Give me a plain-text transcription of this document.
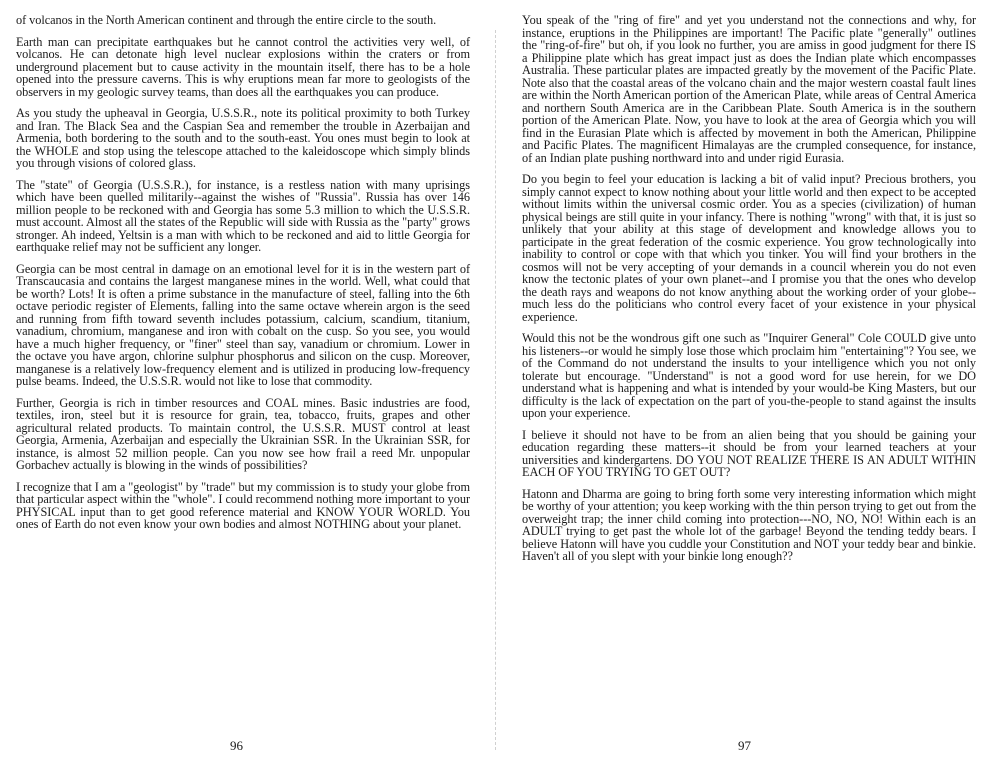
of volcanos in the North American continent and through the entire circle to the south.

Earth man can precipitate earthquakes but he cannot control the activities very well, of volcanos. He can detonate high level nuclear explosions within the craters or from underground placement but to cause activity in the mountain itself, there has to be a hole opened into the pressure caverns. This is why eruptions mean far more to geologists of the observers in my geologic survey teams, than does all the earthquakes you can produce.

As you study the upheaval in Georgia, U.S.S.R., note its political proximity to both Turkey and Iran. The Black Sea and the Caspian Sea and remember the trouble in Azerbaijan and Armenia, both bordering to the south and to the south-east. You ones must begin to look at the WHOLE and stop using the telescope attached to the kaleidoscope which simply blinds you through visions of colored glass.

The "state" of Georgia (U.S.S.R.), for instance, is a restless nation with many uprisings which have been quelled militarily--against the wishes of "Russia". Russia has over 146 million people to be reckoned with and Georgia has some 5.3 million to which the U.S.S.R. must account. Almost all the states of the Republic will side with Russia as the "party" grows stronger. Ah indeed, Yeltsin is a man with which to be reckoned and aid to little Georgia for earthquake relief may not be sufficient any longer.

Georgia can be most central in damage on an emotional level for it is in the western part of Transcaucasia and contains the largest manganese mines in the world. Well, what could that be worth? Lots! It is often a prime substance in the manufacture of steel, falling into the 6th octave periodic register of Elements, falling into the same octave wherein argon is the seed and running from fifth toward seventh includes potassium, calcium, scandium, titanium, vanadium, chromium, manganese and iron with cobalt on the cusp. So you see, you would have a much higher frequency, or "finer" steel than say, vanadium or chromium. Lower in the octave you have argon, chlorine sulphur phosphorus and silicon on the cusp. Moreover, manganese is a relatively low-frequency element and is utilized in producing low-frequency pulse beams. Indeed, the U.S.S.R. would not like to lose that commodity.

Further, Georgia is rich in timber resources and COAL mines. Basic industries are food, textiles, iron, steel but it is resource for grain, tea, tobacco, fruits, grapes and other agricultural related products. To maintain control, the U.S.S.R. MUST control at least Georgia, Armenia, Azerbaijan and especially the Ukrainian SSR. In the Ukrainian SSR, for instance, is almost 52 million people. Can you now see how frail a reed Mr. unpopular Gorbachev actually is blowing in the winds of possibilities?

I recognize that I am a "geologist" by "trade" but my commission is to study your globe from that particular aspect within the "whole". I could recommend nothing more important to your PHYSICAL input than to get good reference material and KNOW YOUR WORLD. You ones of Earth do not even know your own bodies and almost NOTHING about your planet.

96

You speak of the "ring of fire" and yet you understand not the connections and why, for instance, eruptions in the Philippines are important! The Pacific plate "generally" outlines the "ring-of-fire" but oh, if you look no further, you are amiss in good judgment for there IS a Philippine plate which has great impact just as does the Indian plate which encompasses Australia. These particular plates are impacted greatly by the movement of the Pacific Plate. Note also that the coastal areas of the volcano chain and the major western coastal fault lines are within the North American portion of the American Plate, while areas of Central America and northern South America are in the Caribbean Plate. South America is in the southern portion of the American Plate. Now, you have to look at the area of Georgia which you will find in the Eurasian Plate which is affected by movement in both the American, Philippine and Pacific Plates. The magnificent Himalayas are the crumpled consequence, for instance, of an Indian plate pushing northward into and under rigid Eurasia.

Do you begin to feel your education is lacking a bit of valid input? Precious brothers, you simply cannot expect to know nothing about your little world and then expect to be accepted without limits within the universal cosmic order. You as a species (civilization) of human physical beings are still quite in your infancy. There is nothing "wrong" with that, it is just so unlikely that your ability at this stage of development and knowledge allows you to participate in the great federation of the cosmic experience. You grow technologically into inability to control or cope with that which you tinker. You will find your brothers in the cosmos will not be very accepting of your demands in a council wherein you do not even know the tectonic plates of your own planet--and I promise you that the ones who develop the death rays and weapons do not know anything about the working order of your globe--much less do the politicians who control every facet of your existence in your physical experience.

Would this not be the wondrous gift one such as "Inquirer General" Cole COULD give unto his listeners--or would he simply lose those which proclaim him "entertaining"? You see, we of the Command do not understand the insults to your intelligence which you not only tolerate but encourage. "Understand" is not a good word for use herein, for we DO understand what is happening and what is intended by your would-be King Masters, but our difficulty is the lack of expectation on the part of you-the-people to stand against the insults upon your experience.

I believe it should not have to be from an alien being that you should be gaining your education regarding these matters--it should be from your learned teachers at your universities and kindergartens. DO YOU NOT REALIZE THERE IS AN ADULT WITHIN EACH OF YOU TRYING TO GET OUT?

Hatonn and Dharma are going to bring forth some very interesting information which might be worthy of your attention; you keep working with the thin person trying to get out from the overweight trap; the inner child coming into protection---NO, NO, NO! Within each is an ADULT trying to get past the whole lot of the garbage! Beyond the tending teddy bears. I believe Hatonn will have you cuddle your Constitution and NOT your teddy bear and binkie. Haven't all of you slept with your binkie long enough??

97
